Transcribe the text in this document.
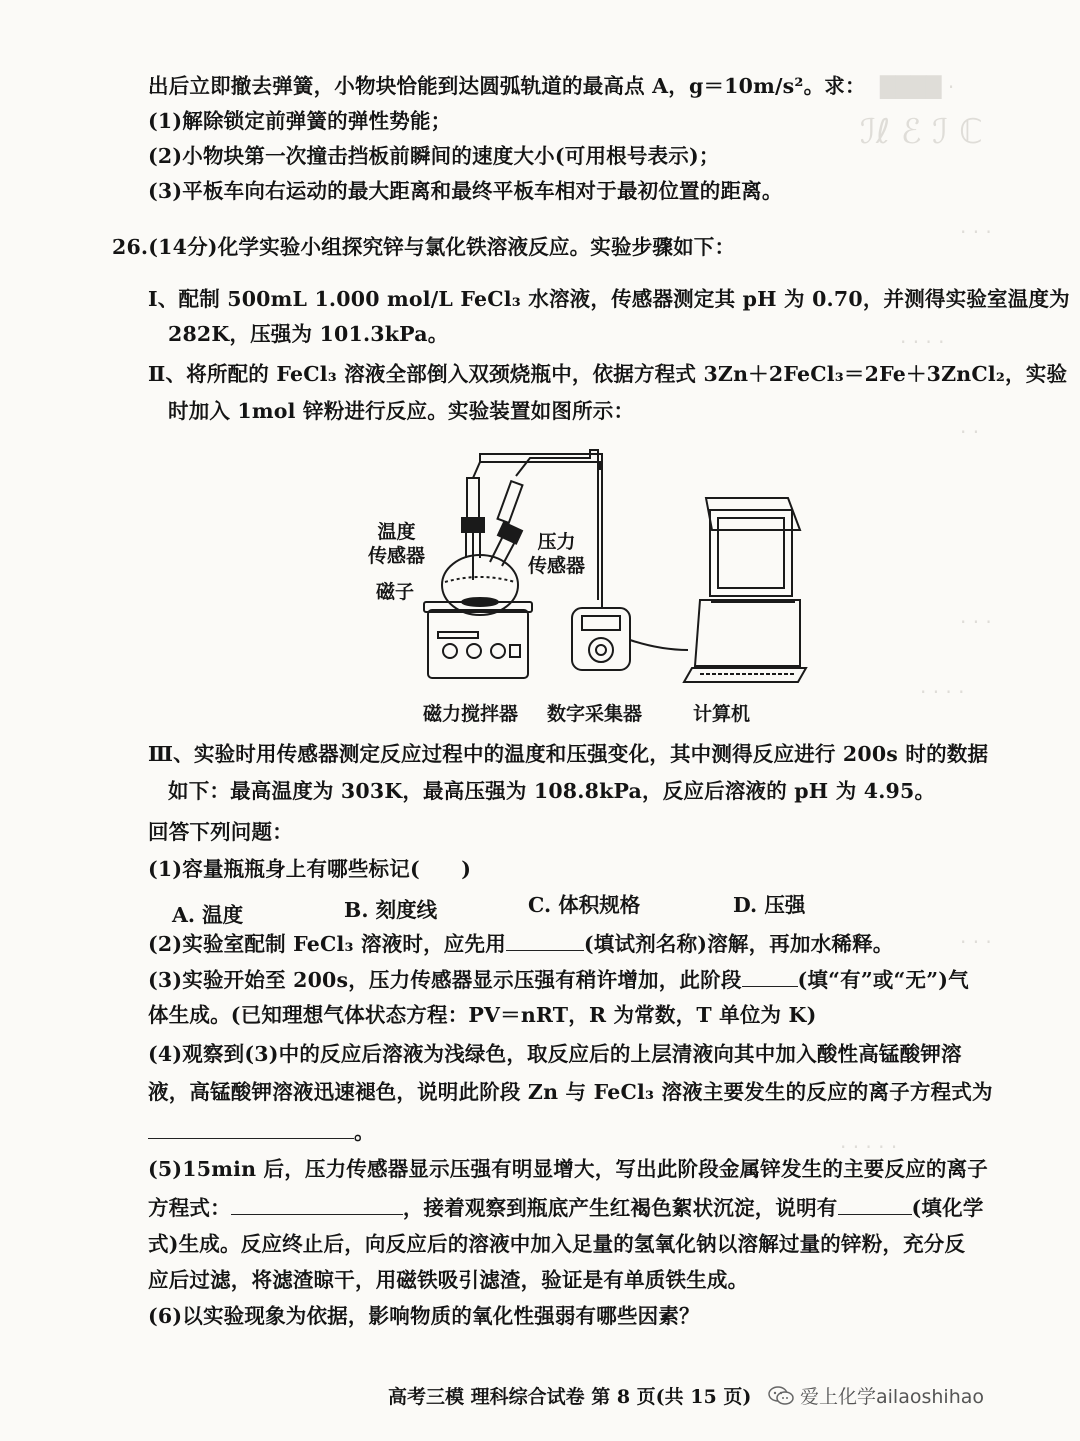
████ ·
ℐℓ ℰ ℐ ℂ
· · ·
· · · ·
· ·
· · ·
· · · ·
· · ·
· · · · ·
出后立即撤去弹簧，小物块恰能到达圆弧轨道的最高点 A，g＝10m/s²。求：
(1)解除锁定前弹簧的弹性势能；
(2)小物块第一次撞击挡板前瞬间的速度大小(可用根号表示)；
(3)平板车向右运动的最大距离和最终平板车相对于最初位置的距离。
26.(14分)化学实验小组探究锌与氯化铁溶液反应。实验步骤如下：
Ⅰ、配制 500mL 1.000 mol/L FeCl₃ 水溶液，传感器测定其 pH 为 0.70，并测得实验室温度为
282K，压强为 101.3kPa。
Ⅱ、将所配的 FeCl₃ 溶液全部倒入双颈烧瓶中，依据方程式 3Zn＋2FeCl₃＝2Fe＋3ZnCl₂，实验
时加入 1mol 锌粉进行反应。实验装置如图所示：
温度
传感器
压力
传感器
磁子
磁力搅拌器 数字采集器	计算机
Ⅲ、实验时用传感器测定反应过程中的温度和压强变化，其中测得反应进行 200s 时的数据
如下：最高温度为 303K，最高压强为 108.8kPa，反应后溶液的 pH 为 4.95。
回答下列问题：
(1)容量瓶瓶身上有哪些标记(　　)
A. 温度	B. 刻度线	C. 体积规格	D. 压强
(2)实验室配制 FeCl₃ 溶液时，应先用	(填试剂名称)溶解，再加水稀释。
(3)实验开始至 200s，压力传感器显示压强有稍许增加，此阶段	(填“有”或“无”)气
体生成。(已知理想气体状态方程：PV＝nRT，R 为常数，T 单位为 K)
(4)观察到(3)中的反应后溶液为浅绿色，取反应后的上层清液向其中加入酸性高锰酸钾溶
液，高锰酸钾溶液迅速褪色，说明此阶段 Zn 与 FeCl₃ 溶液主要发生的反应的离子方程式为
。
(5)15min 后，压力传感器显示压强有明显增大，写出此阶段金属锌发生的主要反应的离子
方程式：	，接着观察到瓶底产生红褐色絮状沉淀，说明有	(填化学
式)生成。反应终止后，向反应后的溶液中加入足量的氢氧化钠以溶解过量的锌粉，充分反
应后过滤，将滤渣晾干，用磁铁吸引滤渣，验证是有单质铁生成。
(6)以实验现象为依据，影响物质的氧化性强弱有哪些因素？
高考三模 理科综合试卷 第 8 页(共 15 页)	爱上化学ailaoshihao
